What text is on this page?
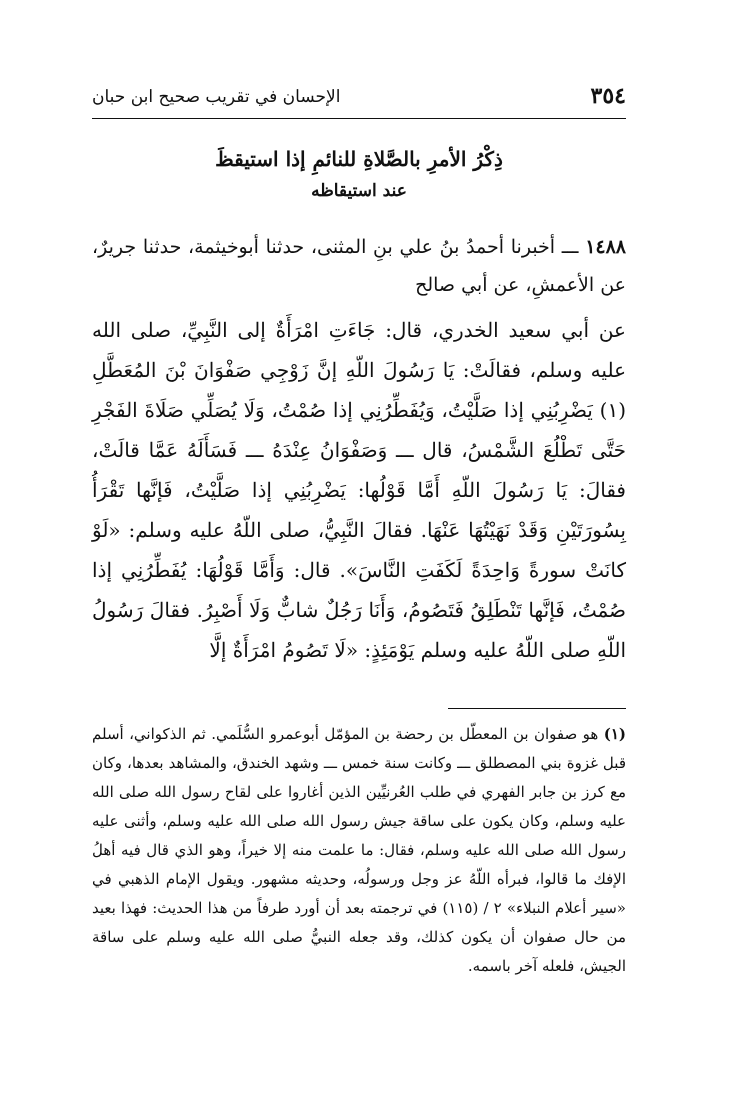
٣٥٤
الإحسان في تقريب صحيح ابن حبان
ذِكْرُ الأمرِ بالصَّلاةِ للنائمِ إذا استيقظَ
عند استيقاظه

١٤٨٨ ـــ أخبرنا أحمدُ بنُ علي بنِ المثنى، حدثنا أبوخيثمة، حدثنا جريرٌ، عن الأعمشِ، عن أبي صالح

عن أبي سعيد الخدري، قال: جَاءَتِ امْرَأَةٌ إلى النَّبِيِّ، صلى الله عليه وسلم، فقالَتْ: يَا رَسُولَ اللّهِ إنَّ زَوْجِي صَفْوَانَ بْنَ المُعَطَّلِ (١) يَضْرِبُنِي إذا صَلَّيْتُ، وَيُفَطِّرُنِي إذا صُمْتُ، وَلَا يُصَلِّي صَلَاةَ الفَجْرِ حَتَّى تَطْلُعَ الشَّمْسُ، قال ـــ وَصَفْوَانُ عِنْدَهُ ـــ فَسَأَلَهُ عَمَّا قالَتْ، فقالَ: يَا رَسُولَ اللّهِ أَمَّا قَوْلُها: يَضْرِبُنِي إذا صَلَّيْتُ، فَإنَّها تَقْرَأُ بِسُورَتَيْنِ وَقَدْ نَهَيْتُهَا عَنْهَا. فقالَ النَّبِيُّ، صلى اللّهُ عليه وسلم: «لَوْ كانَتْ سورةً وَاحِدَةً لَكَفَتِ النَّاسَ». قال: وَأَمَّا قَوْلُهَا: يُفَطِّرُنِي إذا صُمْتُ، فَإنَّها تَنْطَلِقُ فَتَصُومُ، وَأَنَا رَجُلٌ شابٌّ وَلَا أَصْبِرُ. فقالَ رَسُولُ اللّهِ صلى اللّهُ عليه وسلم يَوْمَئِذٍ: «لَا تَصُومُ امْرَأَةٌ إلَّا

(١) هو صفوان بن المعطّل بن رحضة بن المؤمّل أبوعمرو السُّلَمي. ثم الذكواني، أسلم قبل غزوة بني المصطلق ـــ وكانت سنة خمس ـــ وشهد الخندق، والمشاهد بعدها، وكان مع كرز بن جابر الفهري في طلب العُرنيِّين الذين أغاروا على لقاح رسول الله صلى الله عليه وسلم، وكان يكون على ساقة جيش رسول الله صلى الله عليه وسلم، وأثنى عليه رسول الله صلى الله عليه وسلم، فقال: ما علمت منه إلا خيراً، وهو الذي قال فيه أهلُ الإفك ما قالوا، فبرأه اللّهُ عز وجل ورسولُه، وحديثه مشهور. ويقول الإمام الذهبي في «سير أعلام النبلاء» ٢ / (١١٥) في ترجمته بعد أن أورد طرفاً من هذا الحديث: فهذا بعيد من حال صفوان أن يكون كذلك، وقد جعله النبيُّ صلى الله عليه وسلم على ساقة الجيش، فلعله آخر باسمه.
